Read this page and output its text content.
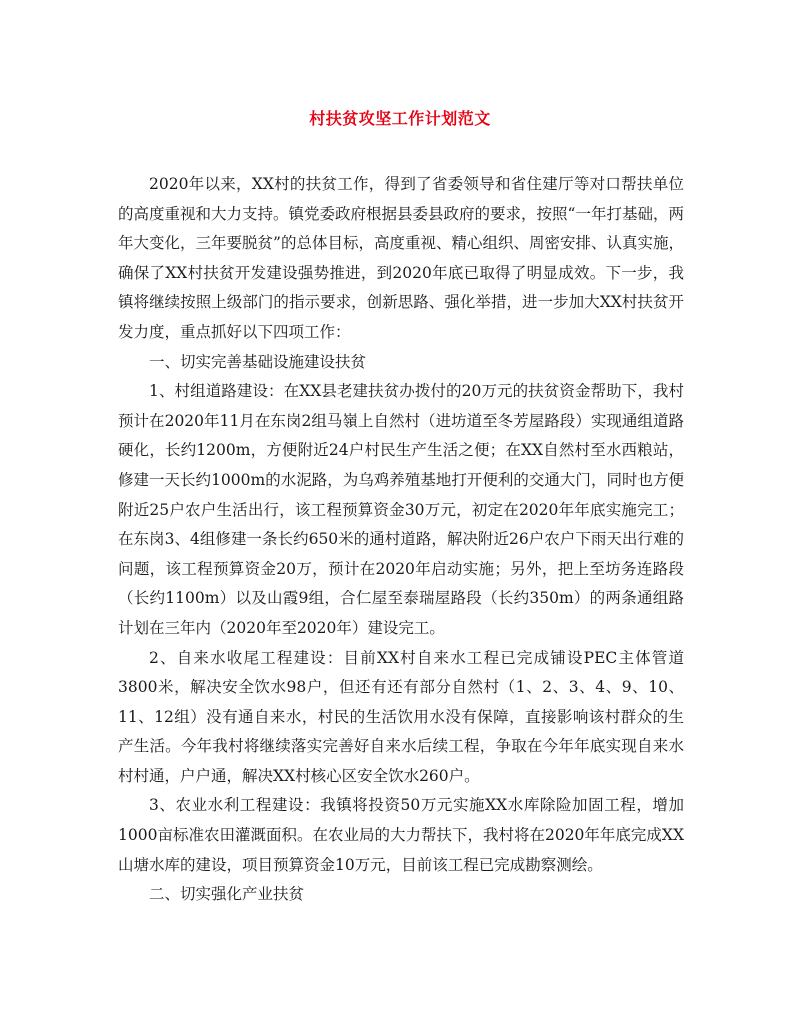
村扶贫攻坚工作计划范文

2020年以来，XX村的扶贫工作，得到了省委领导和省住建厅等对口帮扶单位的高度重视和大力支持。镇党委政府根据县委县政府的要求，按照“一年打基础，两年大变化，三年要脱贫”的总体目标，高度重视、精心组织、周密安排、认真实施，确保了XX村扶贫开发建设强势推进，到2020年底已取得了明显成效。下一步，我镇将继续按照上级部门的指示要求，创新思路、强化举措，进一步加大XX村扶贫开发力度，重点抓好以下四项工作：

一、切实完善基础设施建设扶贫

1、村组道路建设：在XX县老建扶贫办拨付的20万元的扶贫资金帮助下，我村预计在2020年11月在东岗2组马嶺上自然村（进坊道至冬芳屋路段）实现通组道路硬化，长约1200m，方便附近24户村民生产生活之便；在XX自然村至水西粮站，修建一天长约1000m的水泥路，为乌鸡养殖基地打开便利的交通大门，同时也方便附近25户农户生活出行，该工程预算资金30万元，初定在2020年年底实施完工；在东岗3、4组修建一条长约650米的通村道路，解决附近26户农户下雨天出行难的问题，该工程预算资金20万，预计在2020年启动实施；另外，把上至坊务连路段（长约1100m）以及山霞9组，合仁屋至泰瑞屋路段（长约350m）的两条通组路计划在三年内（2020年至2020年）建设完工。

2、自来水收尾工程建设：目前XX村自来水工程已完成铺设PEC主体管道3800米，解决安全饮水98户，但还有还有部分自然村（1、2、3、4、9、10、11、12组）没有通自来水，村民的生活饮用水没有保障，直接影响该村群众的生产生活。今年我村将继续落实完善好自来水后续工程，争取在今年年底实现自来水村村通，户户通，解决XX村核心区安全饮水260户。

3、农业水利工程建设：我镇将投资50万元实施XX水库除险加固工程，增加1000亩标准农田灌溉面积。在农业局的大力帮扶下，我村将在2020年年底完成XX山塘水库的建设，项目预算资金10万元，目前该工程已完成勘察测绘。

二、切实强化产业扶贫
